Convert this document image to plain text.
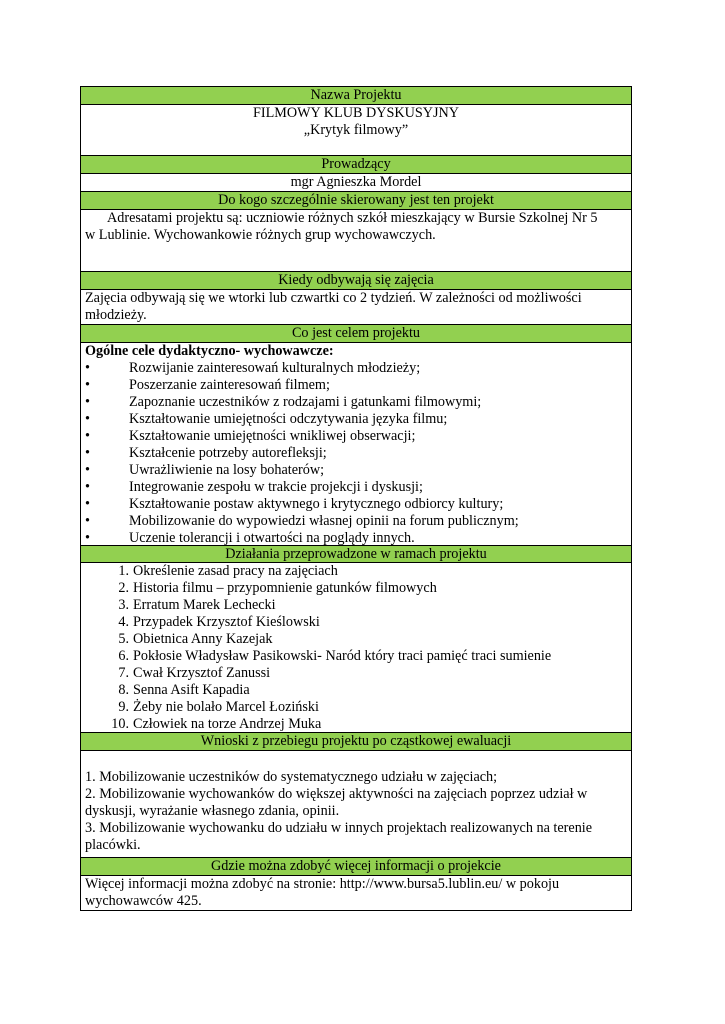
Nazwa Projektu
FILMOWY KLUB DYSKUSYJNY
„Krytyk filmowy”
Prowadzący
mgr Agnieszka Mordel
Do kogo szczególnie skierowany jest ten projekt
Adresatami projektu są: uczniowie różnych szkół mieszkający w Bursie Szkolnej Nr 5
w Lublinie. Wychowankowie różnych grup wychowawczych.
Kiedy odbywają się zajęcia
Zajęcia odbywają się we wtorki lub czwartki co 2 tydzień. W zależności od możliwości
młodzieży.
Co jest celem projektu
Ogólne cele dydaktyczno- wychowawcze:
•	Rozwijanie zainteresowań kulturalnych młodzieży;
•	Poszerzanie zainteresowań filmem;
•	Zapoznanie uczestników z rodzajami i gatunkami filmowymi;
•	Kształtowanie umiejętności odczytywania języka filmu;
•	Kształtowanie umiejętności wnikliwej obserwacji;
•	Kształcenie potrzeby autorefleksji;
•	Uwrażliwienie na losy bohaterów;
•	Integrowanie zespołu w trakcie projekcji i dyskusji;
•	Kształtowanie postaw aktywnego i krytycznego odbiorcy kultury;
•	Mobilizowanie do wypowiedzi własnej opinii na forum publicznym;
•	Uczenie tolerancji i otwartości na poglądy innych.
Działania przeprowadzone w ramach projektu
1. Określenie zasad pracy na zajęciach
2. Historia filmu – przypomnienie gatunków filmowych
3. Erratum Marek Lechecki
4. Przypadek Krzysztof Kieślowski
5. Obietnica Anny Kazejak
6. Pokłosie Władysław Pasikowski- Naród który traci pamięć traci sumienie
7. Cwał Krzysztof Zanussi
8. Senna Asift Kapadia
9. Żeby nie bolało Marcel Łoziński
10. Człowiek na torze Andrzej Muka
Wnioski z przebiegu projektu po cząstkowej ewaluacji
1. Mobilizowanie uczestników do systematycznego udziału w zajęciach;
2. Mobilizowanie wychowanków do większej aktywności na zajęciach poprzez udział w
dyskusji, wyrażanie własnego zdania, opinii.
3. Mobilizowanie wychowanku do udziału w innych projektach realizowanych na terenie
placówki.
Gdzie można zdobyć więcej informacji o projekcie
Więcej informacji można zdobyć na stronie: http://www.bursa5.lublin.eu/ w pokoju
wychowawców 425.
